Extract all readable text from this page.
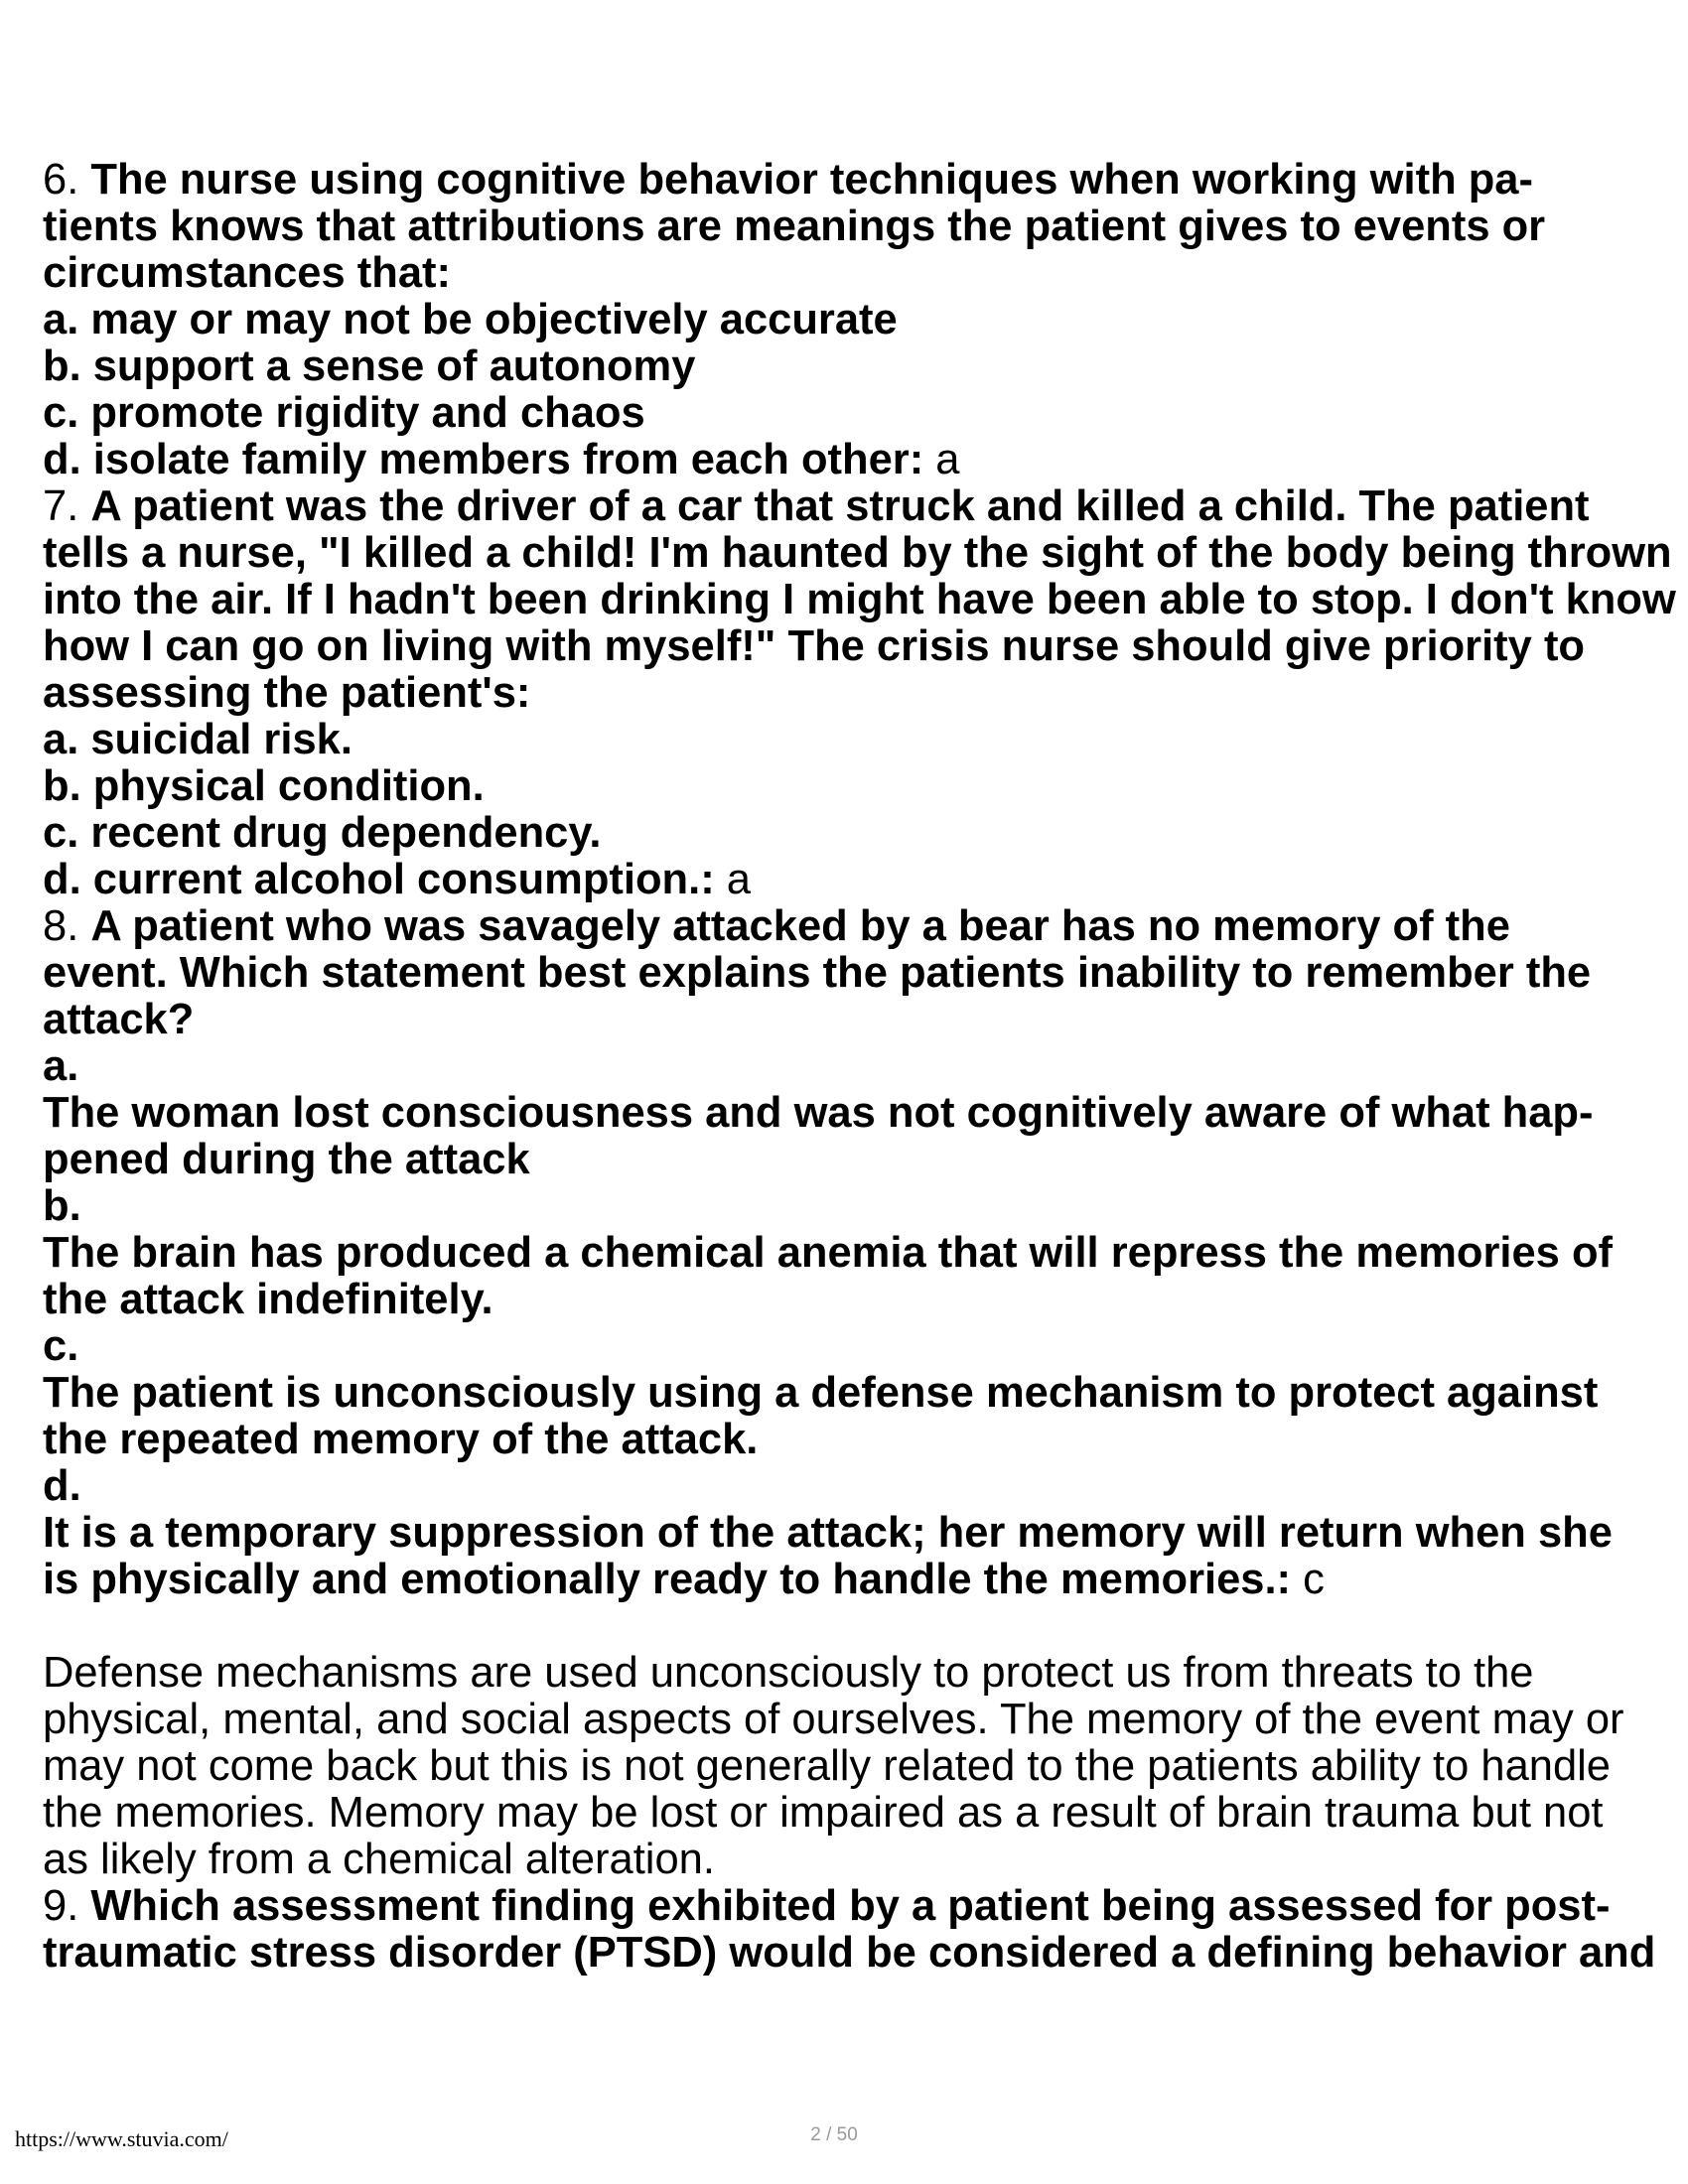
6. The nurse using cognitive behavior techniques when working with pa-
tients knows that attributions are meanings the patient gives to events or
circumstances that:
a. may or may not be objectively accurate
b. support a sense of autonomy
c. promote rigidity and chaos
d. isolate family members from each other: a
7. A patient was the driver of a car that struck and killed a child. The patient
tells a nurse, "I killed a child! I'm haunted by the sight of the body being thrown
into the air. If I hadn't been drinking I might have been able to stop. I don't know
how I can go on living with myself!" The crisis nurse should give priority to
assessing the patient's:
a. suicidal risk.
b. physical condition.
c. recent drug dependency.
d. current alcohol consumption.: a
8. A patient who was savagely attacked by a bear has no memory of the
event. Which statement best explains the patients inability to remember the
attack?
a.
The woman lost consciousness and was not cognitively aware of what hap-
pened during the attack
b.
The brain has produced a chemical anemia that will repress the memories of
the attack indefinitely.
c.
The patient is unconsciously using a defense mechanism to protect against
the repeated memory of the attack.
d.
It is a temporary suppression of the attack; her memory will return when she
is physically and emotionally ready to handle the memories.: c
Defense mechanisms are used unconsciously to protect us from threats to the
physical, mental, and social aspects of ourselves. The memory of the event may or
may not come back but this is not generally related to the patients ability to handle
the memories. Memory may be lost or impaired as a result of brain trauma but not
as likely from a chemical alteration.
9. Which assessment finding exhibited by a patient being assessed for post-
traumatic stress disorder (PTSD) would be considered a defining behavior and
https://www.stuvia.com/	2 / 50
